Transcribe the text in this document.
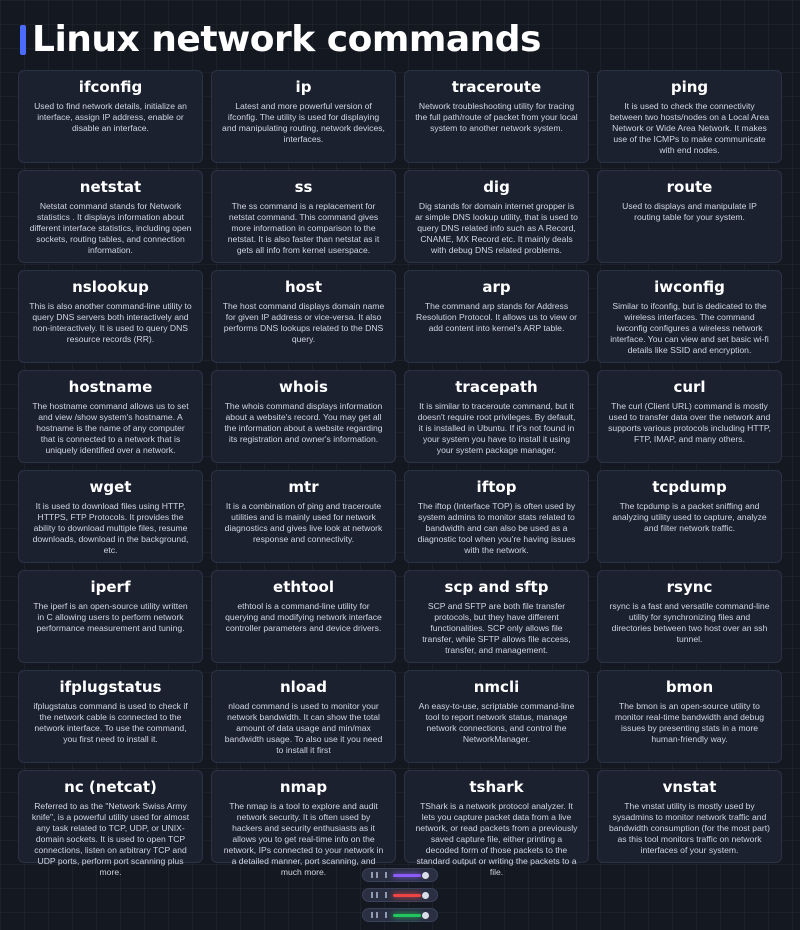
Linux network commands
ifconfig

Used to find network details, initialize an interface, assign IP address, enable or disable an interface.

ip

Latest and more powerful version of ifconfig. The utility is used for displaying and manipulating routing, network devices, interfaces.

traceroute

Network troubleshooting utility for tracing the full path/route of packet from your local system to another network system.

ping

It is used to check the connectivity between two hosts/nodes on a Local Area Network or Wide Area Network. It makes use of the ICMPs to make communicate with end nodes.

netstat

Netstat command stands for Network statistics . It displays information about different interface statistics, including open sockets, routing tables, and connection information.

ss

The ss command is a replacement for netstat command. This command gives more information in comparison to the netstat. It is also faster than netstat as it gets all info from kernel userspace.

dig

Dig stands for domain internet gropper is ar simple DNS lookup utility, that is used to query DNS related info such as A Record, CNAME, MX Record etc. It mainly deals with debug DNS related problems.

route

Used to displays and manipulate IP routing table for your system.

nslookup

This is also another command-line utility to query DNS servers both interactively and non-interactively. It is used to query DNS resource records (RR).

host

The host command displays domain name for given IP address or vice-versa. It also performs DNS lookups related to the DNS query.

arp

The command arp stands for Address Resolution Protocol. It allows us to view or add content into kernel's ARP table.

iwconfig

Similar to ifconfig, but is dedicated to the wireless interfaces. The command iwconfig configures a wireless network interface. You can view and set basic wi-fi details like SSID and encryption.

hostname

The hostname command allows us to set and view /show system's hostname. A hostname is the name of any computer that is connected to a network that is uniquely identified over a network.

whois

The whois command displays information about a website's record. You may get all the information about a website regarding its registration and owner's information.

tracepath

It is similar to traceroute command, but it doesn't require root privileges. By default, it is installed in Ubuntu. If it's not found in your system you have to install it using your system package manager.

curl

The curl (Client URL) command is mostly used to transfer data over the network and supports various protocols including HTTP, FTP, IMAP, and many others.

wget

It is used to download files using HTTP, HTTPS, FTP Protocols. It provides the ability to download multiple files, resume downloads, download in the background, etc.

mtr

It is a combination of ping and traceroute utilities and is mainly used for network diagnostics and gives live look at network response and connectivity.

iftop

The iftop (Interface TOP) is often used by system admins to monitor stats related to bandwidth and can also be used as a diagnostic tool when you're having issues with the network.

tcpdump

The tcpdump is a packet sniffing and analyzing utility used to capture, analyze and filter network traffic.

iperf

The iperf is an open-source utility written in C allowing users to perform network performance measurement and tuning.

ethtool

ethtool is a command-line utility for querying and modifying network interface controller parameters and device drivers.

scp and sftp

SCP and SFTP are both file transfer protocols, but they have different functionalities. SCP only allows file transfer, while SFTP allows file access, transfer, and management.

rsync

rsync is a fast and versatile command-line utility for synchronizing files and directories between two host over an ssh tunnel.

ifplugstatus

ifplugstatus command is used to check if the network cable is connected to the network interface. To use the command, you first need to install it.

nload

nload command is used to monitor your network bandwidth. It can show the total amount of data usage and min/max bandwidth usage. To also use it you need to install it first

nmcli

An easy-to-use, scriptable command-line tool to report network status, manage network connections, and control the NetworkManager.

bmon

The bmon is an open-source utility to monitor real-time bandwidth and debug issues by presenting stats in a more human-friendly way.

nc (netcat)

Referred to as the "Network Swiss Army knife", is a powerful utility used for almost any task related to TCP, UDP, or UNIX-domain sockets. It is used to open TCP connections, listen on arbitrary TCP and UDP ports, perform port scanning plus more.

nmap

The nmap is a tool to explore and audit network security. It is often used by hackers and security enthusiasts as it allows you to get real-time info on the network, IPs connected to your network in a detailed manner, port scanning, and much more.

tshark

TShark is a network protocol analyzer. It lets you capture packet data from a live network, or read packets from a previously saved capture file, either printing a decoded form of those packets to the standard output or writing the packets to a file.

vnstat

The vnstat utility is mostly used by sysadmins to monitor network traffic and bandwidth consumption (for the most part) as this tool monitors traffic on network interfaces of your system.
